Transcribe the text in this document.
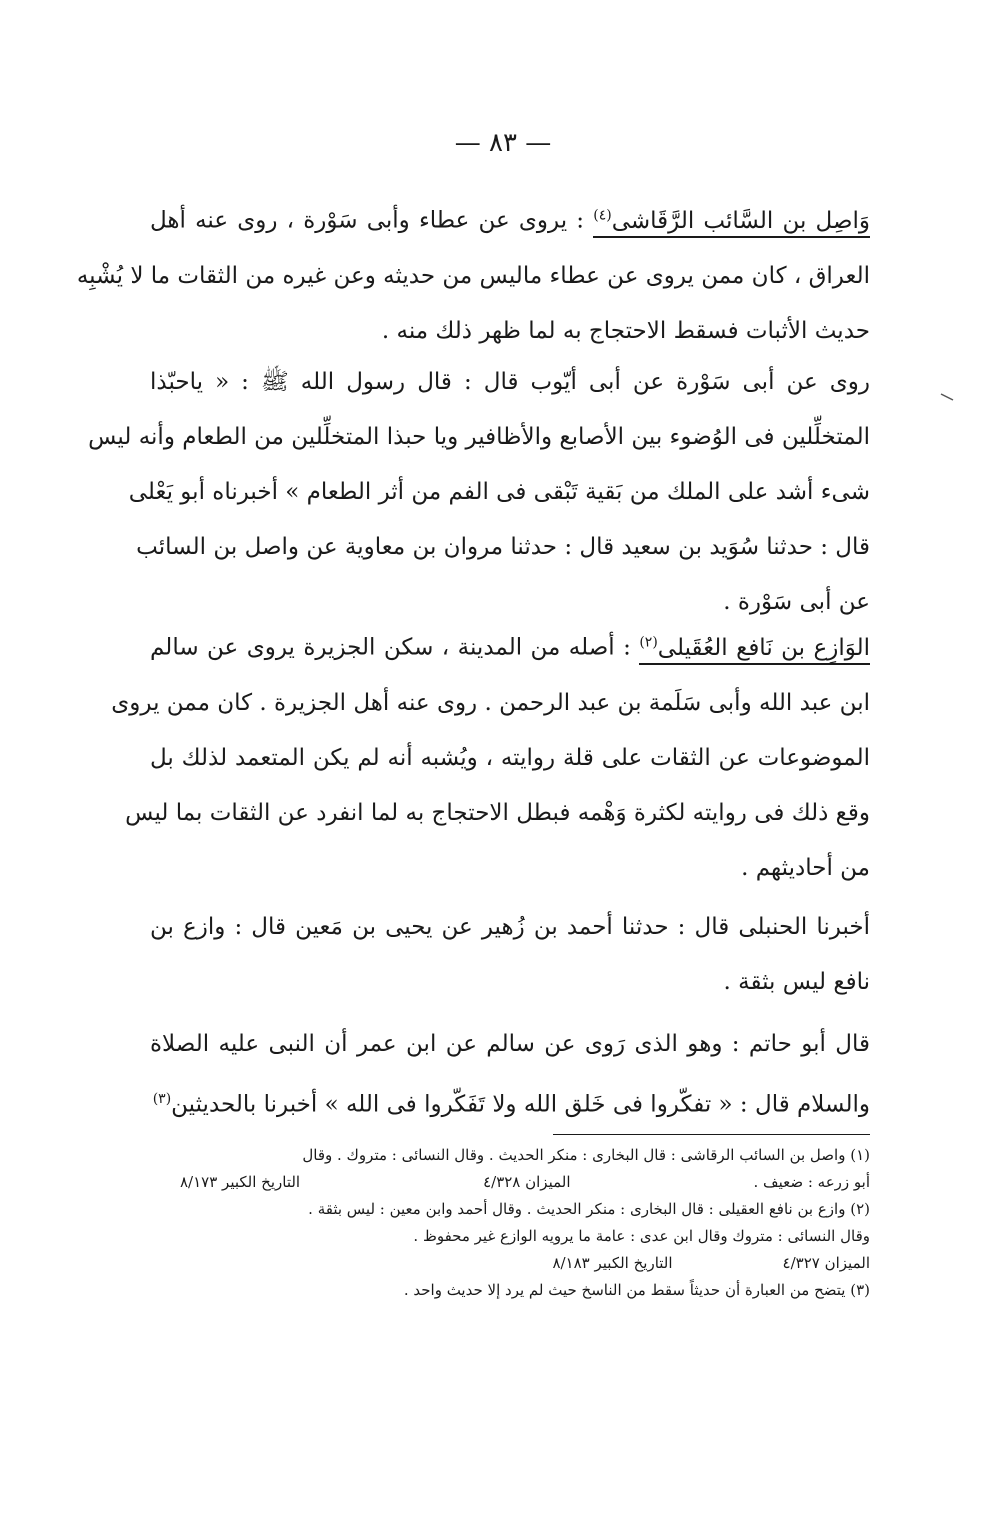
— ٨٣ —
وَاصِل بن السَّائب الرَّقَاشى$^{(٤)}$ : يروى عن عطاء وأبى سَوْرة ، روى عنه أهل
العراق ، كان ممن يروى عن عطاء ماليس من حديثه وعن غيره من الثقات ما لا يُشْبِه
حديث الأثبات فسقط الاحتجاج به لما ظهر ذلك منه .
روى عن أبى سَوْرة عن أبى أيّوب قال : قال رسول الله ﷺ : « ياحبّذا
المتخلِّلين فى الوُضوء بين الأصابع والأظافير ويا حبذا المتخلِّلين من الطعام وأنه ليس
شىء أشد على الملك من بَقية تَبْقى فى الفم من أثر الطعام » أخبرناه أبو يَعْلى
قال : حدثنا سُوَيد بن سعيد قال : حدثنا مروان بن معاوية عن واصل بن السائب
عن أبى سَوْرة .
الوَازِع بن نَافع العُقَيلى$^{(٢)}$ : أصله من المدينة ، سكن الجزيرة يروى عن سالم
ابن عبد الله وأبى سَلَمة بن عبد الرحمن . روى عنه أهل الجزيرة . كان ممن يروى
الموضوعات عن الثقات على قلة روايته ، ويُشبه أنه لم يكن المتعمد لذلك بل
وقع ذلك فى روايته لكثرة وَهْمه فبطل الاحتجاج به لما انفرد عن الثقات بما ليس
من أحاديثهم .
أخبرنا الحنبلى قال : حدثنا أحمد بن زُهير عن يحيى بن مَعين قال : وازع بن
نافع ليس بثقة .
قال أبو حاتم : وهو الذى رَوى عن سالم عن ابن عمر أن النبى عليه الصلاة
والسلام قال : « تفكّروا فى خَلق الله ولا تَفَكّروا فى الله » أخبرنا بالحديثين$^{(٣)}$
(١) واصل بن السائب الرقاشى : قال البخارى : منكر الحديث . وقال النسائى : متروك . وقال
أبو زرعه : ضعيف .
الميزان ٤/٣٢٨
التاريخ الكبير ٨/١٧٣
(٢) وازع بن نافع العقيلى : قال البخارى : منكر الحديث . وقال أحمد وابن معين : ليس بثقة .
وقال النسائى : متروك وقال ابن عدى : عامة ما يرويه الوازع غير محفوظ .
الميزان ٤/٣٢٧
التاريخ الكبير ٨/١٨٣
(٣) يتضح من العبارة أن حديثاً سقط من الناسخ حيث لم يرد إلا حديث واحد .
